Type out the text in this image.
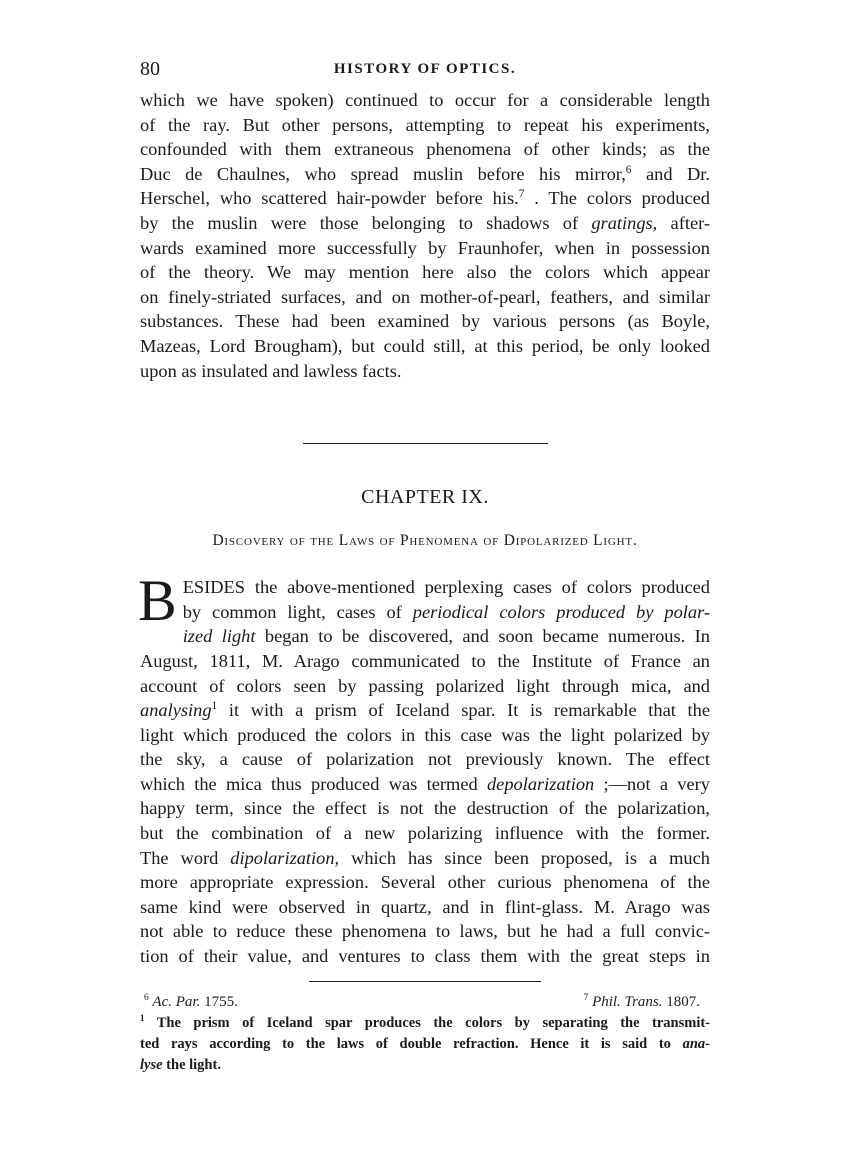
80	HISTORY OF OPTICS.
which we have spoken) continued to occur for a considerable length
of the ray. But other persons, attempting to repeat his experiments,
confounded with them extraneous phenomena of other kinds; as the
Duc de Chaulnes, who spread muslin before his mirror,$^6$ and Dr.
Herschel, who scattered hair-powder before his.$^7$ . The colors produced
by the muslin were those belonging to shadows of gratings, after-
wards examined more successfully by Fraunhofer, when in possession
of the theory. We may mention here also the colors which appear
on finely-striated surfaces, and on mother-of-pearl, feathers, and similar
substances. These had been examined by various persons (as Boyle,
Mazeas, Lord Brougham), but could still, at this period, be only looked
upon as insulated and lawless facts.
CHAPTER IX.
Discovery of the Laws of Phenomena of Dipolarized Light.
B ESIDES the above-mentioned perplexing cases of colors produced
by common light, cases of periodical colors produced by polar-
ized light began to be discovered, and soon became numerous. In
August, 1811, M. Arago communicated to the Institute of France an
account of colors seen by passing polarized light through mica, and
analysing$^1$ it with a prism of Iceland spar. It is remarkable that the
light which produced the colors in this case was the light polarized by
the sky, a cause of polarization not previously known. The effect
which the mica thus produced was termed depolarization ;—not a very
happy term, since the effect is not the destruction of the polarization,
but the combination of a new polarizing influence with the former.
The word dipolarization, which has since been proposed, is a much
more appropriate expression. Several other curious phenomena of the
same kind were observed in quartz, and in flint-glass. M. Arago was
not able to reduce these phenomena to laws, but he had a full convic-
tion of their value, and ventures to class them with the great steps in
$^6$ Ac. Par. 1755.	$^7$ Phil. Trans. 1807.
$^1$ The prism of Iceland spar produces the colors by separating the transmit-
ted rays according to the laws of double refraction. Hence it is said to ana-
lyse the light.
